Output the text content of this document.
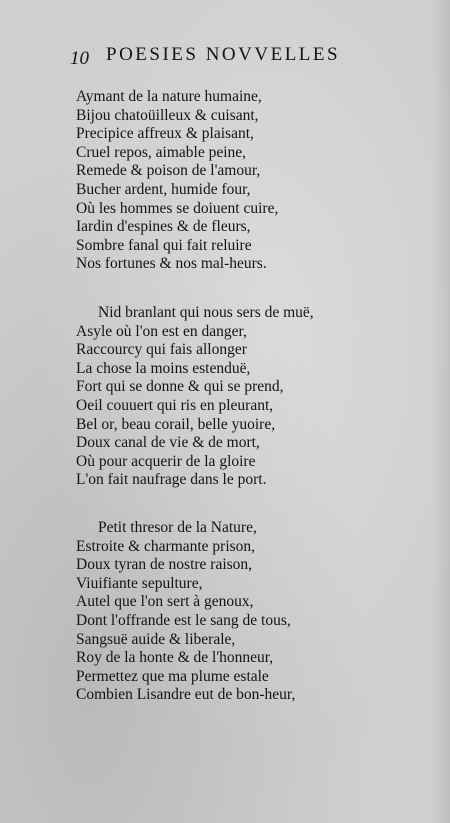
10 POESIES NOVVELLES
Aymant de la nature humaine,
Bijou chatoüilleux & cuisant,
Precipice affreux & plaisant,
Cruel repos, aimable peine,
Remede & poison de l'amour,
Bucher ardent, humide four,
Où les hommes se doiuent cuire,
Iardin d'espines & de fleurs,
Sombre fanal qui fait reluire
Nos fortunes & nos mal-heurs.
Nid branlant qui nous sers de muë,
Asyle où l'on est en danger,
Raccourcy qui fais allonger
La chose la moins estenduë,
Fort qui se donne & qui se prend,
Oeil couuert qui ris en pleurant,
Bel or, beau corail, belle yuoire,
Doux canal de vie & de mort,
Où pour acquerir de la gloire
L'on fait naufrage dans le port.
Petit thresor de la Nature,
Estroite & charmante prison,
Doux tyran de nostre raison,
Viuifiante sepulture,
Autel que l'on sert à genoux,
Dont l'offrande est le sang de tous,
Sangsuë auide & liberale,
Roy de la honte & de l'honneur,
Permettez que ma plume estale
Combien Lisandre eut de bon-heur,
